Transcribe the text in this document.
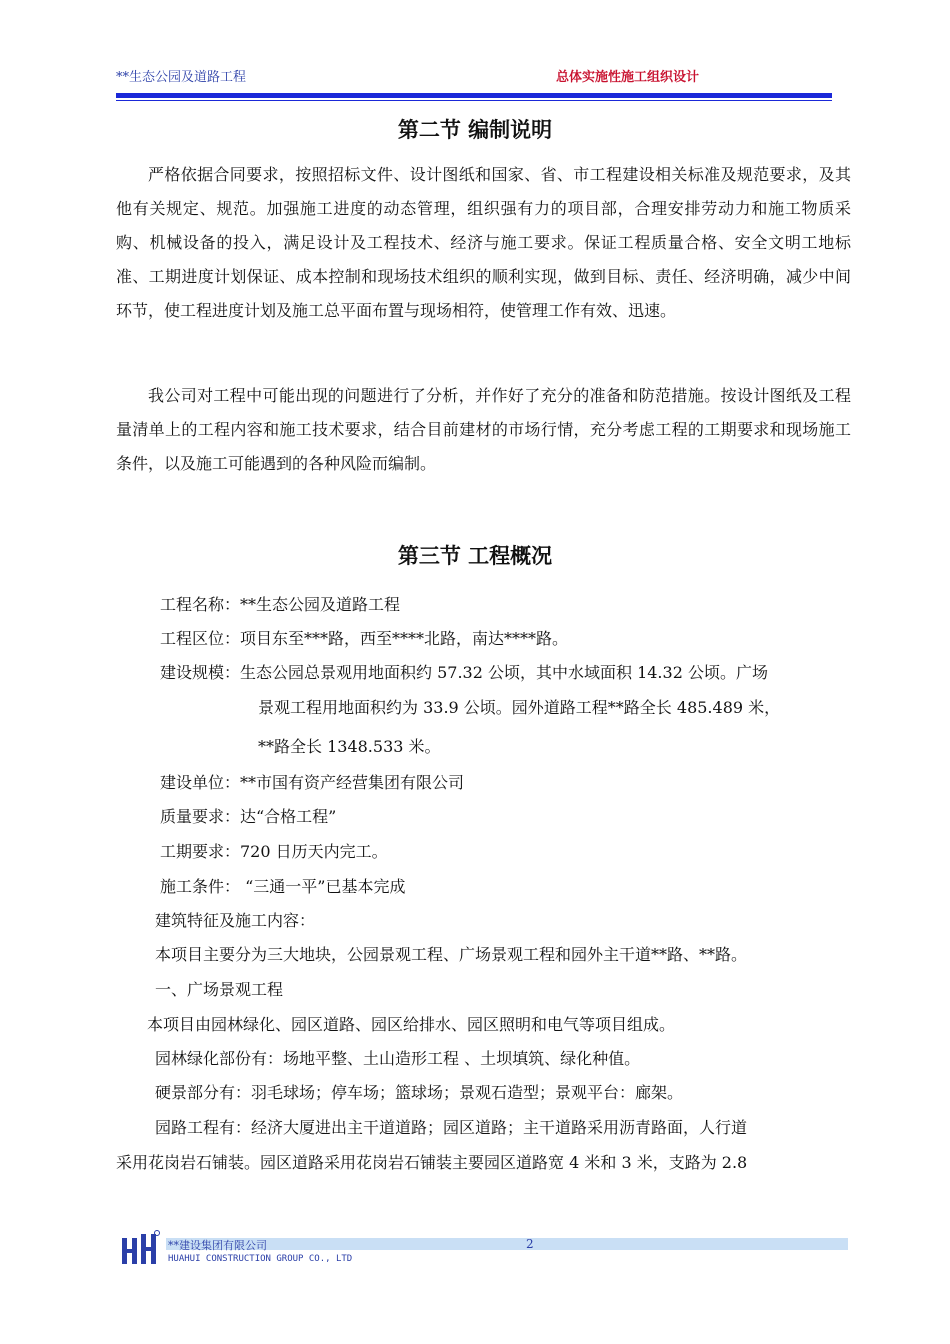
**生态公园及道路工程	总体实施性施工组织设计
第二节 编制说明

严格依据合同要求，按照招标文件、设计图纸和国家、省、市工程建设相关标准及规范要求，及其他有关规定、规范。加强施工进度的动态管理，组织强有力的项目部，合理安排劳动力和施工物质采购、机械设备的投入，满足设计及工程技术、经济与施工要求。保证工程质量合格、安全文明工地标准、工期进度计划保证、成本控制和现场技术组织的顺利实现，做到目标、责任、经济明确，减少中间环节，使工程进度计划及施工总平面布置与现场相符，使管理工作有效、迅速。

我公司对工程中可能出现的问题进行了分析，并作好了充分的准备和防范措施。按设计图纸及工程量清单上的工程内容和施工技术要求，结合目前建材的市场行情，充分考虑工程的工期要求和现场施工条件，以及施工可能遇到的各种风险而编制。

第三节 工程概况
工程名称：**生态公园及道路工程
工程区位：项目东至***路，西至****北路，南达****路。
建设规模：生态公园总景观用地面积约 57.32 公顷，其中水域面积 14.32 公顷。广场
景观工程用地面积约为 33.9 公顷。园外道路工程**路全长 485.489 米，
**路全长 1348.533 米。
建设单位：**市国有资产经营集团有限公司
质量要求：达“合格工程”
工期要求：720 日历天内完工。
施工条件： “三通一平”已基本完成
建筑特征及施工内容：
本项目主要分为三大地块，公园景观工程、广场景观工程和园外主干道**路、**路。
一、广场景观工程
本项目由园林绿化、园区道路、园区给排水、园区照明和电气等项目组成。
园林绿化部份有：场地平整、土山造形工程 、土坝填筑、绿化种值。
硬景部分有：羽毛球场；停车场；篮球场；景观石造型；景观平台：廊架。
园路工程有：经济大厦进出主干道道路；园区道路；主干道路采用沥青路面，人行道
采用花岗岩石铺装。园区道路采用花岗岩石铺装主要园区道路宽 4 米和 3 米，支路为 2.8
**建设集团有限公司	2
HUAHUI CONSTRUCTION GROUP CO., LTD
